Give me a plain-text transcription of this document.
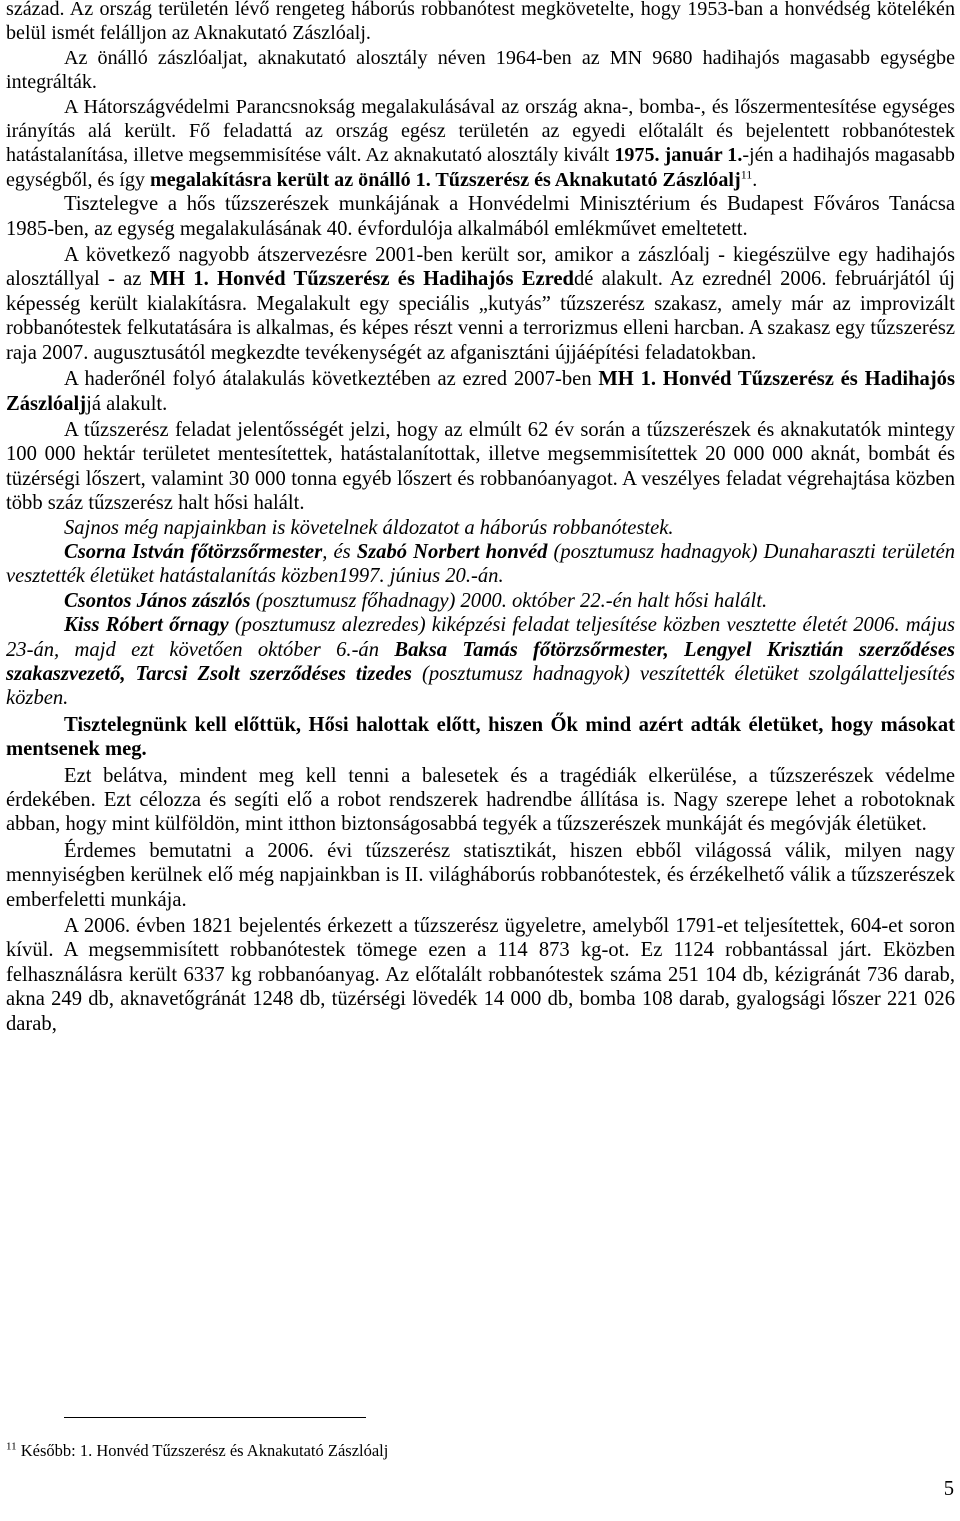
század. Az ország területén lévő rengeteg háborús robbanótest megkövetelte, hogy 1953-ban a honvédség kötelékén belül ismét felálljon az Aknakutató Zászlóalj.

Az önálló zászlóaljat, aknakutató alosztály néven 1964-ben az MN 9680 hadihajós magasabb egységbe integrálták.

A Hátországvédelmi Parancsnokság megalakulásával az ország akna-, bomba-, és lőszermentesítése egységes irányítás alá került. Fő feladattá az ország egész területén az egyedi előtalált és bejelentett robbanótestek hatástalanítása, illetve megsemmisítése vált. Az aknakutató alosztály kivált 1975. január 1.-jén a hadihajós magasabb egységből, és így megalakításra került az önálló 1. Tűzszerész és Aknakutató Zászlóalj$^{11}$.

Tisztelegve a hős tűzszerészek munkájának a Honvédelmi Minisztérium és Budapest Főváros Tanácsa 1985-ben, az egység megalakulásának 40. évfordulója alkalmából emlékművet emeltetett.

A következő nagyobb átszervezésre 2001-ben került sor, amikor a zászlóalj - kiegészülve egy hadihajós alosztállyal - az MH 1. Honvéd Tűzszerész és Hadihajós Ezreddé alakult. Az ezrednél 2006. februárjától új képesség került kialakításra. Megalakult egy speciális „kutyás” tűzszerész szakasz, amely már az improvizált robbanótestek felkutatására is alkalmas, és képes részt venni a terrorizmus elleni harcban. A szakasz egy tűzszerész raja 2007. augusztusától megkezdte tevékenységét az afganisztáni újjáépítési feladatokban.

A haderőnél folyó átalakulás következtében az ezred 2007-ben MH 1. Honvéd Tűzszerész és Hadihajós Zászlóaljjá alakult.

A tűzszerész feladat jelentősségét jelzi, hogy az elmúlt 62 év során a tűzszerészek és aknakutatók mintegy 100 000 hektár területet mentesítettek, hatástalanítottak, illetve megsemmisítettek 20 000 000 aknát, bombát és tüzérségi lőszert, valamint 30 000 tonna egyéb lőszert és robbanóanyagot. A veszélyes feladat végrehajtása közben több száz tűzszerész halt hősi halált.

Sajnos még napjainkban is követelnek áldozatot a háborús robbanótestek.

Csorna István főtörzsőrmester, és Szabó Norbert honvéd (posztumusz hadnagyok) Dunaharaszti területén vesztették életüket hatástalanítás közben1997. június 20.-án.

Csontos János zászlós (posztumusz főhadnagy) 2000. október 22.-én halt hősi halált.

Kiss Róbert őrnagy (posztumusz alezredes) kiképzési feladat teljesítése közben vesztette életét 2006. május 23-án, majd ezt követően október 6.-án Baksa Tamás főtörzsőrmester, Lengyel Krisztián szerződéses szakaszvezető, Tarcsi Zsolt szerződéses tizedes (posztumusz hadnagyok) veszítették életüket szolgálatteljesítés közben.

Tisztelegnünk kell előttük, Hősi halottak előtt, hiszen Ők mind azért adták életüket, hogy másokat mentsenek meg.

Ezt belátva, mindent meg kell tenni a balesetek és a tragédiák elkerülése, a tűzszerészek védelme érdekében. Ezt célozza és segíti elő a robot rendszerek hadrendbe állítása is. Nagy szerepe lehet a robotoknak abban, hogy mint külföldön, mint itthon biztonságosabbá tegyék a tűzszerészek munkáját és megóvják életüket.

Érdemes bemutatni a 2006. évi tűzszerész statisztikát, hiszen ebből világossá válik, milyen nagy mennyiségben kerülnek elő még napjainkban is II. világháborús robbanótestek, és érzékelhető válik a tűzszerészek emberfeletti munkája.

A 2006. évben 1821 bejelentés érkezett a tűzszerész ügyeletre, amelyből 1791-et teljesítettek, 604-et soron kívül. A megsemmisített robbanótestek tömege ezen a 114 873 kg-ot. Ez 1124 robbantással járt. Eközben felhasználásra került 6337 kg robbanóanyag. Az előtalált robbanótestek száma 251 104 db, kézigránát 736 darab, akna 249 db, aknavetőgránát 1248 db, tüzérségi lövedék 14 000 db, bomba 108 darab, gyalogsági lőszer 221 026 darab,

$^{11}$ Később: 1. Honvéd Tűzszerész és Aknakutató Zászlóalj
5
